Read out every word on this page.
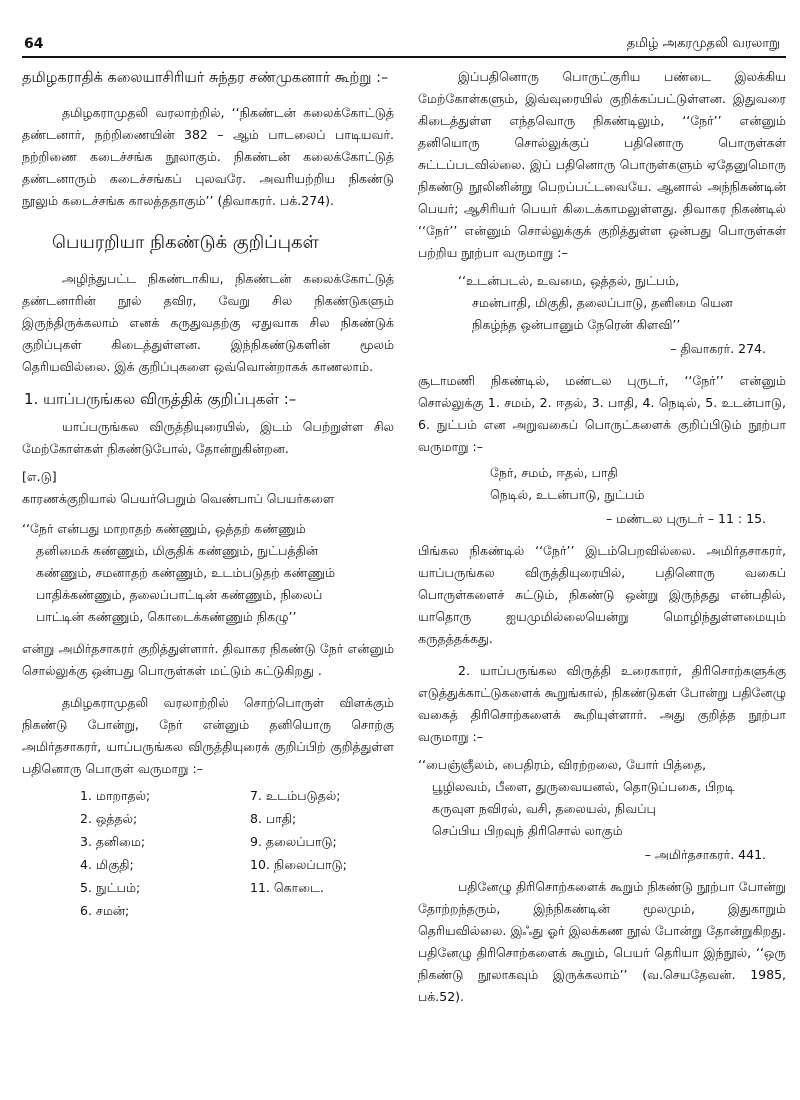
64	தமிழ் அகரமுதலி வரலாறு

தமிழகராதிக் கலையாசிரியர் சுந்தர சண்முகனார் கூற்று :–

தமிழகராமுதலி வரலாற்றில், ‘‘நிகண்டன் கலைக்கோட்டுத் தண்டனார், நற்றிணையின் 382 – ஆம் பாடலைப் பாடியவர். நற்றிணை கடைச்சங்க நூலாகும். நிகண்டன் கலைக்கோட்டுத் தண்டனாரும் கடைச்சங்கப் புலவரே. அவரியற்றிய நிகண்டு நூலும் கடைச்சங்க காலத்ததாகும்’’ (திவாகரர். பக்.274).

பெயரறியா நிகண்டுக் குறிப்புகள்

அழிந்துபட்ட நிகண்டாகிய, நிகண்டன் கலைக்கோட்டுத் தண்டனாரின் நூல் தவிர, வேறு சில நிகண்டுகளும் இருந்திருக்கலாம் எனக் கருதுவதற்கு ஏதுவாக சில நிகண்டுக் குறிப்புகள் கிடைத்துள்ளன. இந்நிகண்டுகளின் மூலம் தெரியவில்லை. இக் குறிப்புகளை ஒவ்வொன்றாகக் காணலாம்.

1. யாப்பருங்கல விருத்திக் குறிப்புகள் :–

யாப்பருங்கல விருத்தியுரையில், இடம் பெற்றுள்ள சில மேற்கோள்கள் நிகண்டுபோல், தோன்றுகின்றன.

[எ.டு]

காரணக்குறியால் பெயர்பெறும் வெண்பாப் பெயர்களை

‘‘நேர் என்பது மாறாதற் கண்ணும், ஒத்தற் கண்ணும்
தனிமைக் கண்ணும், மிகுதிக் கண்ணும், நுட்பத்தின்
கண்ணும், சமனாதற் கண்ணும், உடம்படுதற் கண்ணும்
பாதிக்கண்ணும், தலைப்பாட்டின் கண்ணும், நிலைப்
பாட்டின் கண்ணும், கொடைக்கண்ணும் நிகழு’’

என்று அமிர்தசாகரர் குறித்துள்ளார். திவாகர நிகண்டு நேர் என்னும் சொல்லுக்கு ஒன்பது பொருள்கள் மட்டும் சுட்டுகிறது .

தமிழகராமுதலி வரலாற்றில் சொற்பொருள் விளக்கும் நிகண்டு போன்று, நேர் என்னும் தனியொரு சொற்கு அமிர்தசாகரர், யாப்பருங்கல விருத்தியுரைக் குறிப்பிற் குறித்துள்ள பதினொரு பொருள் வருமாறு :–

1. மாறாதல்;	7. உடம்படுதல்;
2. ஒத்தல்;	8. பாதி;
3. தனிமை;	9. தலைப்பாடு;
4. மிகுதி;	10. நிலைப்பாடு;
5. நுட்பம்;	11. கொடை.
6. சமன்;

இப்பதினொரு பொருட்குரிய பண்டை இலக்கிய மேற்கோள்களும், இவ்வுரையில் குறிக்கப்பட்டுள்ளன. இதுவரை கிடைத்துள்ள எந்தவொரு நிகண்டிலும், ‘‘நேர்’’ என்னும் தனியொரு சொல்லுக்குப் பதினொரு பொருள்கள் சுட்டப்படவில்லை. இப் பதினொரு பொருள்களும் ஏதேனுமொரு நிகண்டு நூலினின்று பெறப்பட்டவையே. ஆனால் அந்நிகண்டின் பெயர்; ஆசிரியர் பெயர் கிடைக்காமலுள்ளது. திவாகர நிகண்டில் ‘‘நேர்’’ என்னும் சொல்லுக்குக் குறித்துள்ள ஒன்பது பொருள்கள் பற்றிய நூற்பா வருமாறு :–

‘‘உடன்படல், உவமை, ஒத்தல், நுட்பம்,
சமன்பாதி, மிகுதி, தலைப்பாடு, தனிமை யென
நிகழ்ந்த ஒன்பானும் நேரென் கிளவி’’

– திவாகரர். 274.

சூடாமணி நிகண்டில், மண்டல புருடர், ‘‘நேர்’’ என்னும் சொல்லுக்கு 1. சமம், 2. ஈதல், 3. பாதி, 4. நெடில், 5. உடன்பாடு, 6. நுட்பம் என அறுவகைப் பொருட்களைக் குறிப்பிடும் நூற்பா வருமாறு :–

நேர், சமம், ஈதல், பாதி
நெடில், உடன்பாடு, நுட்பம்

– மண்டல புருடர் – 11 : 15.

பிங்கல நிகண்டில் ‘‘நேர்’’ இடம்பெறவில்லை. அமிர்தசாகரர், யாப்பருங்கல விருத்தியுரையில், பதினொரு வகைப் பொருள்களைச் சுட்டும், நிகண்டு ஒன்று இருந்தது என்பதில், யாதொரு ஐயமுமில்லையென்று மொழிந்துள்ளமையும் கருதத்தக்கது.

2. யாப்பருங்கல விருத்தி உரைகாரர், திரிசொற்களுக்கு எடுத்துக்காட்டுகளைக் கூறுங்கால், நிகண்டுகள் போன்று பதினேழு வகைத் திரிசொற்களைக் கூறியுள்ளார். அது குறித்த நூற்பா வருமாறு :–

‘‘பைஞ்ஞீலம், பைதிரம், விரற்றலை, யோர் பித்தை,
பூழிலவம், பீளை, துருவையனல், தொடுப்பகை, பிறடி
கருவுள நவிரல், வசி, தலையல், நிவப்பு
செப்பிய பிறவுந் திரிசொல் லாகும்

– அமிர்தசாகரர். 441.

பதினேழு திரிசொற்களைக் கூறும் நிகண்டு நூற்பா போன்று தோற்றந்தரும், இந்நிகண்டின் மூலமும், இதுகாறும் தெரியவில்லை. இஃது ஓர் இலக்கண நூல் போன்று தோன்றுகிறது. பதினேழு திரிசொற்களைக் கூறும், பெயர் தெரியா இந்நூல், ‘‘ஒரு நிகண்டு நூலாகவும் இருக்கலாம்’’ (வ.செயதேவன். 1985, பக்.52).
